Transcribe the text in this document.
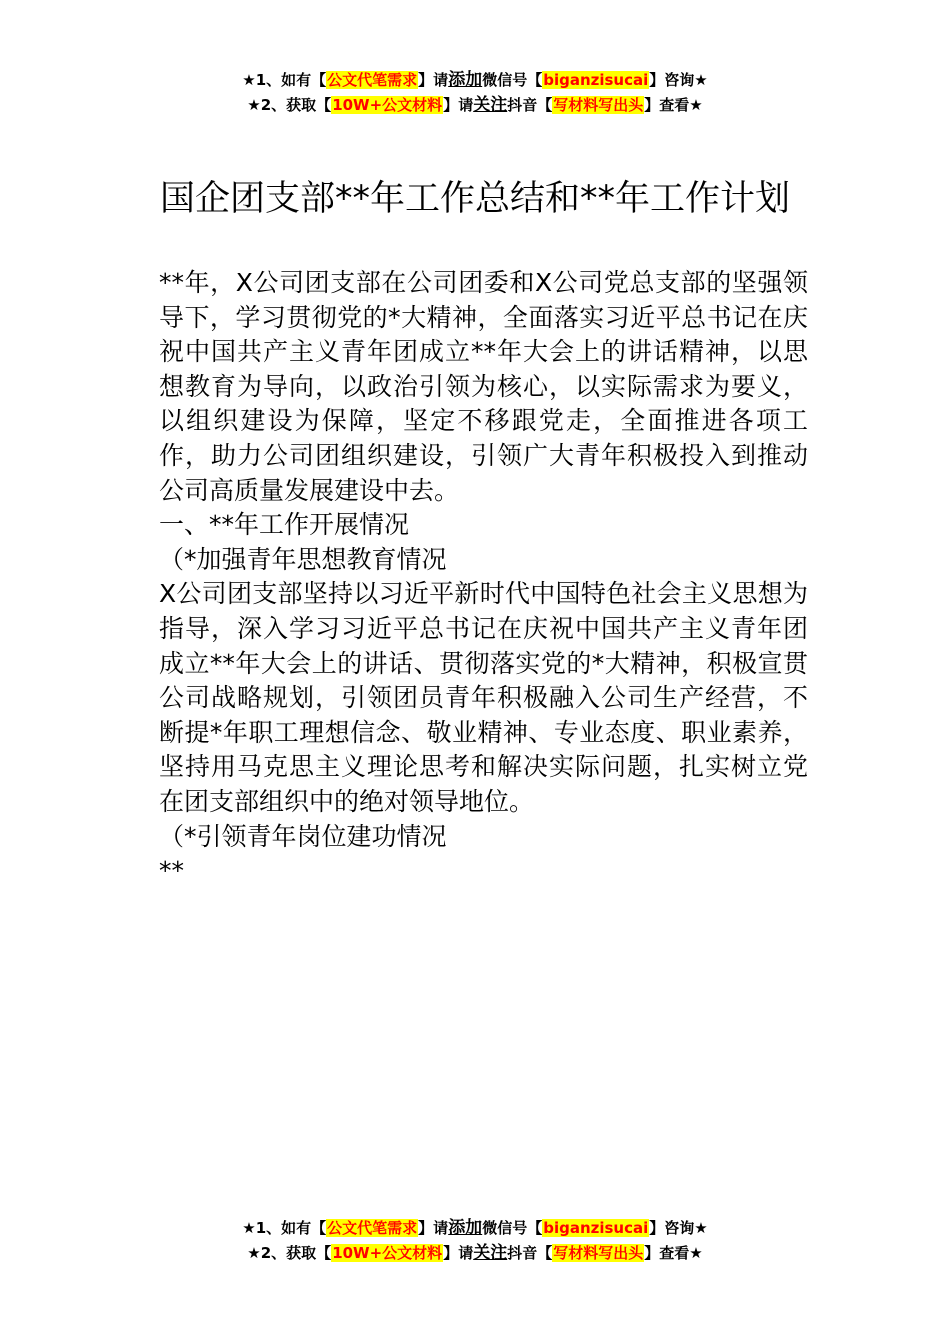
★1、如有【公文代笔需求】请添加微信号【biganzisucai】咨询★
★2、获取【10W+公文材料】请关注抖音【写材料写出头】查看★
国企团支部**年工作总结和**年工作计划

**年，X公司团支部在公司团委和X公司党总支部的坚强领导下，学习贯彻党的*大精神，全面落实习近平总书记在庆祝中国共产主义青年团成立**年大会上的讲话精神，以思想教育为导向，以政治引领为核心，以实际需求为要义，以组织建设为保障，坚定不移跟党走，全面推进各项工作，助力公司团组织建设，引领广大青年积极投入到推动公司高质量发展建设中去。

一、**年工作开展情况

（*加强青年思想教育情况

X公司团支部坚持以习近平新时代中国特色社会主义思想为指导，深入学习习近平总书记在庆祝中国共产主义青年团成立**年大会上的讲话、贯彻落实党的*大精神，积极宣贯公司战略规划，引领团员青年积极融入公司生产经营，不断提*年职工理想信念、敬业精神、专业态度、职业素养，坚持用马克思主义理论思考和解决实际问题，扎实树立党在团支部组织中的绝对领导地位。

（*引领青年岗位建功情况

**

★1、如有【公文代笔需求】请添加微信号【biganzisucai】咨询★
★2、获取【10W+公文材料】请关注抖音【写材料写出头】查看★
